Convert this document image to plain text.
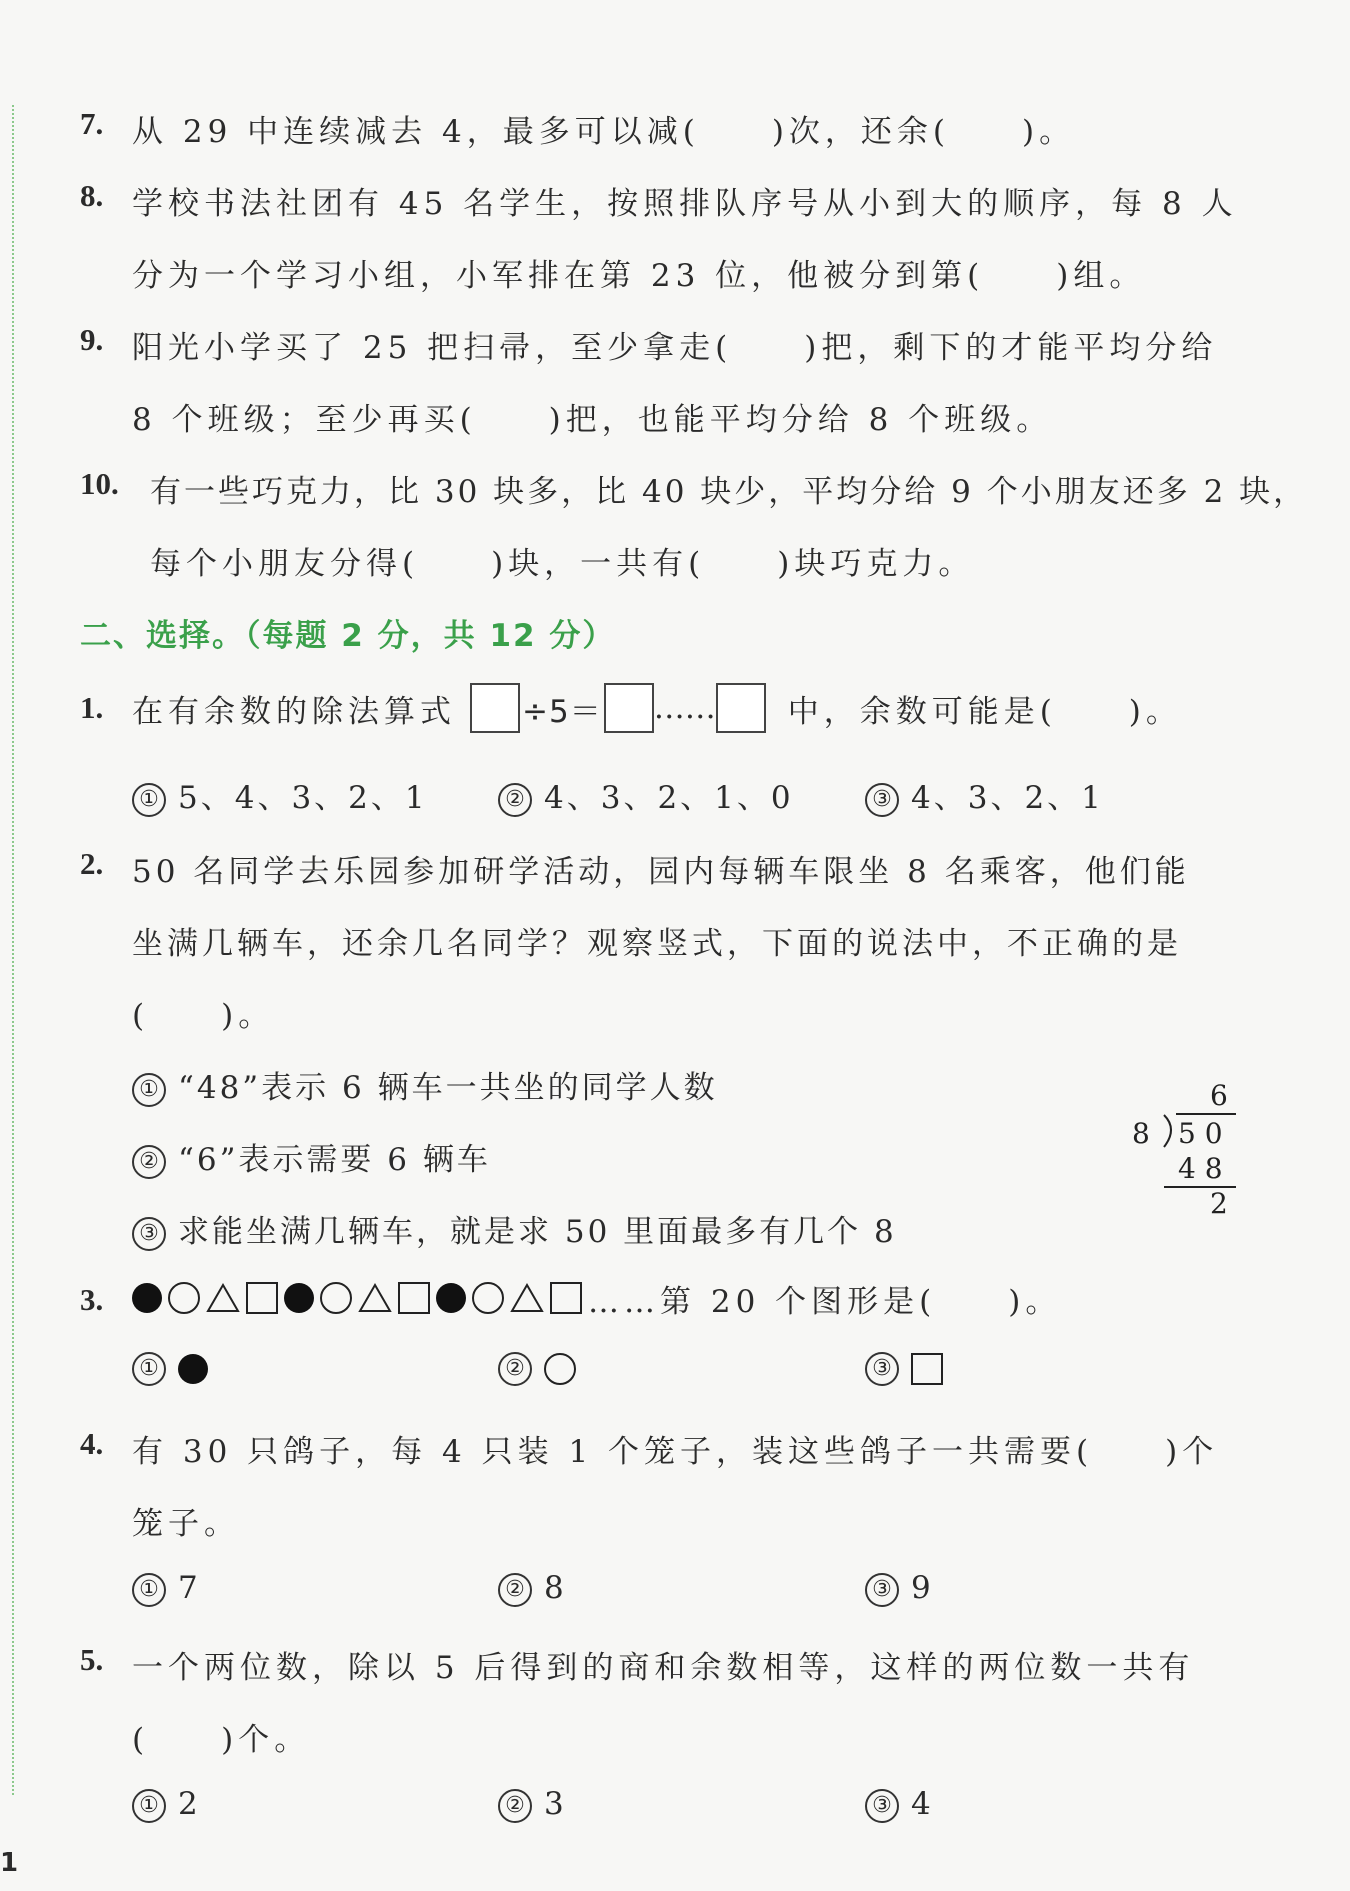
7. 从 29 中连续减去 4，最多可以减(　　)次，还余(　　)。
8. 学校书法社团有 45 名学生，按照排队序号从小到大的顺序，每 8 人
分为一个学习小组，小军排在第 23 位，他被分到第(　　)组。
9. 阳光小学买了 25 把扫帚，至少拿走(　　)把，剩下的才能平均分给
8 个班级；至少再买(　　)把，也能平均分给 8 个班级。
10. 有一些巧克力，比 30 块多，比 40 块少，平均分给 9 个小朋友还多 2 块，
每个小朋友分得(　　)块，一共有(　　)块巧克力。
二、选择。（每题 2 分，共 12 分）
1. 在有余数的除法算式 ÷5＝ …… 中，余数可能是(　　)。
① 5、4、3、2、1	② 4、3、2、1、0	③ 4、3、2、1
2. 50 名同学去乐园参加研学活动，园内每辆车限坐 8 名乘客，他们能
坐满几辆车，还余几名同学？观察竖式，下面的说法中，不正确的是
(　　)。
① “48”表示 6 辆车一共坐的同学人数
② “6”表示需要 6 辆车
③ 求能坐满几辆车，就是求 50 里面最多有几个 8
6
8 5 0
4 8
2
3.	……第 20 个图形是(　　)。
①	②	③
4. 有 30 只鸽子，每 4 只装 1 个笼子，装这些鸽子一共需要(　　)个
笼子。
① 7	② 8	③ 9
5. 一个两位数，除以 5 后得到的商和余数相等，这样的两位数一共有
(　　)个。
① 2	② 3	③ 4
1
